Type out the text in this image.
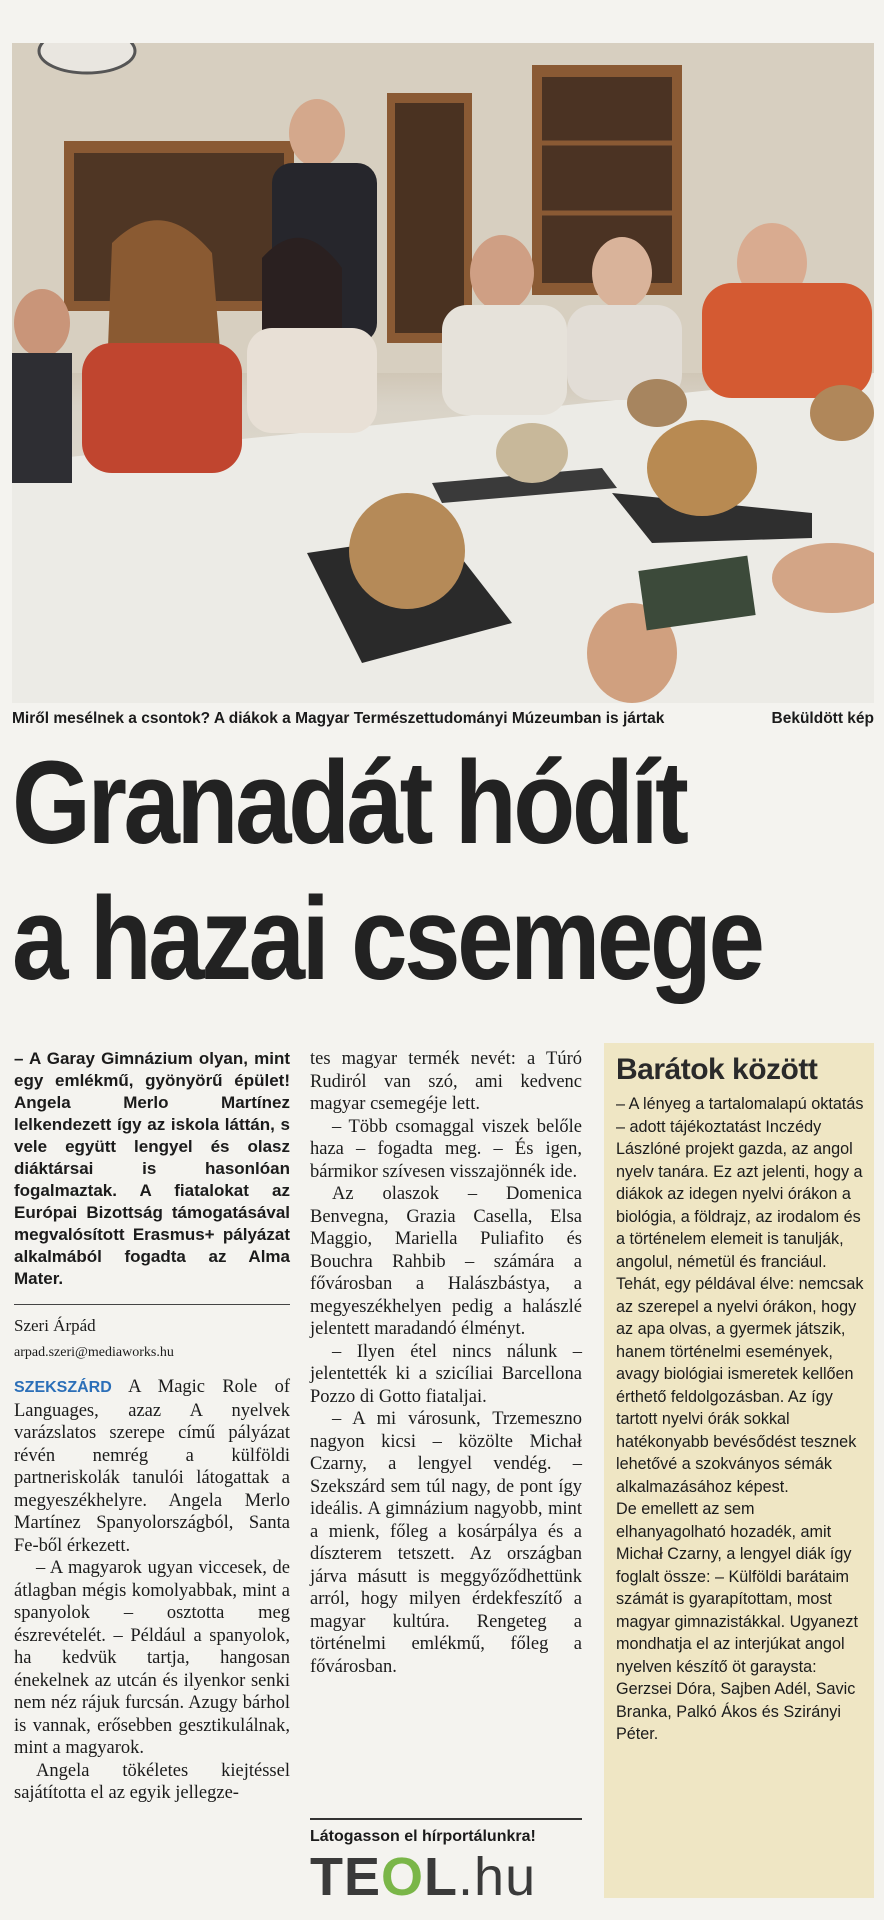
Miről mesélnek a csontok? A diákok a Magyar Természettudományi Múzeumban is jártak	Beküldött kép
Granadát hódít
a hazai csemege

– A Garay Gimnázium olyan, mint egy emlékmű, gyönyörű épület! Angela Merlo Martínez lelkendezett így az iskola láttán, s vele együtt lengyel és olasz diáktársai is hasonlóan fogalmaztak. A fiatalokat az Európai Bizottság támogatásával megvalósított Erasmus+ pályázat alkalmából fogadta az Alma Mater.

Szeri Árpád
arpad.szeri@mediaworks.hu

SZEKSZÁRD A Magic Role of Languages, azaz A nyelvek varázslatos szerepe című pályázat révén nemrég a külföldi partneriskolák tanulói látogattak a megyeszékhelyre. Angela Merlo Martínez Spanyolországból, Santa Fe-ből érkezett.

– A magyarok ugyan viccesek, de átlagban mégis komolyabbak, mint a spanyolok – osztotta meg észrevételét. – Például a spanyolok, ha kedvük tartja, hangosan énekelnek az utcán és ilyenkor senki nem néz rájuk furcsán. Azugy bárhol is vannak, erősebben gesztikulálnak, mint a magyarok.

Angela tökéletes kiejtéssel sajátította el az egyik jellegze-

tes magyar termék nevét: a Túró Rudiról van szó, ami kedvenc magyar csemegéje lett.

– Több csomaggal viszek belőle haza – fogadta meg. – És igen, bármikor szívesen visszajönnék ide.

Az olaszok – Domenica Benvegna, Grazia Casella, Elsa Maggio, Mariella Puliafito és Bouchra Rahbib – számára a fővárosban a Halászbástya, a megyeszékhelyen pedig a halászlé jelentett maradandó élményt.

– Ilyen étel nincs nálunk – jelentették ki a szicíliai Barcellona Pozzo di Gotto fiataljai.

– A mi városunk, Trzemeszno nagyon kicsi – közölte Michał Czarny, a lengyel vendég. – Szekszárd sem túl nagy, de pont így ideális. A gimnázium nagyobb, mint a mienk, főleg a kosárpálya és a díszterem tetszett. Az országban járva másutt is meggyőződhettünk arról, hogy milyen érdekfeszítő a magyar kultúra. Rengeteg a történelmi emlékmű, főleg a fővárosban.

Látogasson el hírportálunkra!
TEOL.hu
Barátok között

– A lényeg a tartalomalapú oktatás – adott tájékoztatást Inczédy Lászlóné projekt gazda, az angol nyelv tanára. Ez azt jelenti, hogy a diákok az idegen nyelvi órákon a biológia, a földrajz, az irodalom és a történelem elemeit is tanulják, angolul, németül és franciául. Tehát, egy példával élve: nemcsak az szerepel a nyelvi órákon, hogy az apa olvas, a gyermek játszik, hanem történelmi események, avagy biológiai ismeretek kellően érthető feldolgozásban. Az így tartott nyelvi órák sokkal hatékonyabb bevésődést tesznek lehetővé a szokványos sémák alkalmazásához képest.

De emellett az sem elhanyagolható hozadék, amit Michał Czarny, a lengyel diák így foglalt össze: – Külföldi barátaim számát is gyarapítottam, most magyar gimnazistákkal. Ugyanezt mondhatja el az interjúkat angol nyelven készítő öt garaysta: Gerzsei Dóra, Sajben Adél, Savic Branka, Palkó Ákos és Szirányi Péter.
